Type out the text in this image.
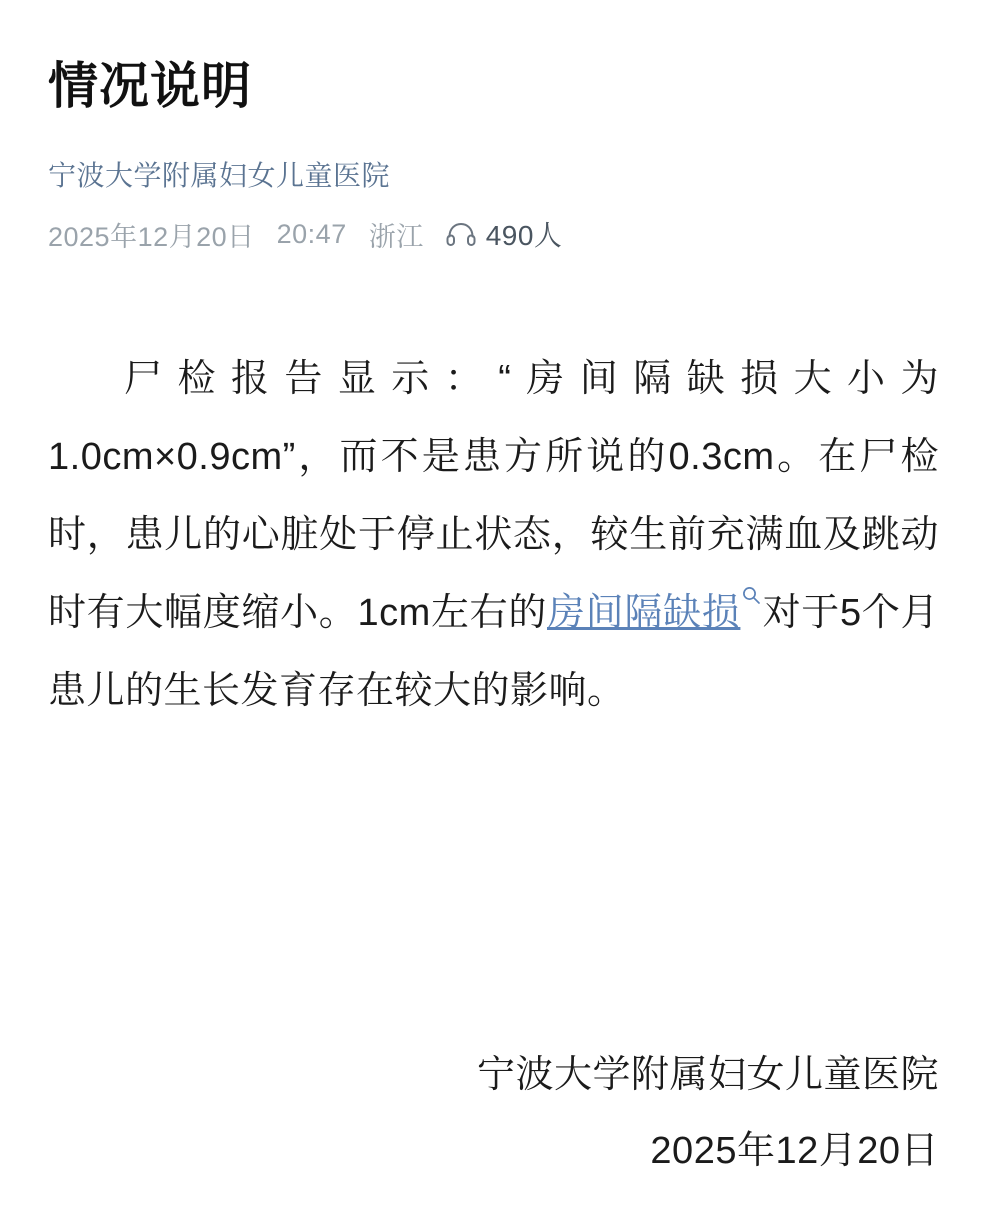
情况说明
宁波大学附属妇女儿童医院
2025年12月20日 20:47 浙江 490人
尸检报告显示：“房间隔缺损大小为1.0cm×0.9cm”，而不是患方所说的0.3cm。在尸检时，患儿的心脏处于停止状态，较生前充满血及跳动时有大幅度缩小。1cm左右的房间隔缺损 对于5个月患儿的生长发育存在较大的影响。
宁波大学附属妇女儿童医院
2025年12月20日
